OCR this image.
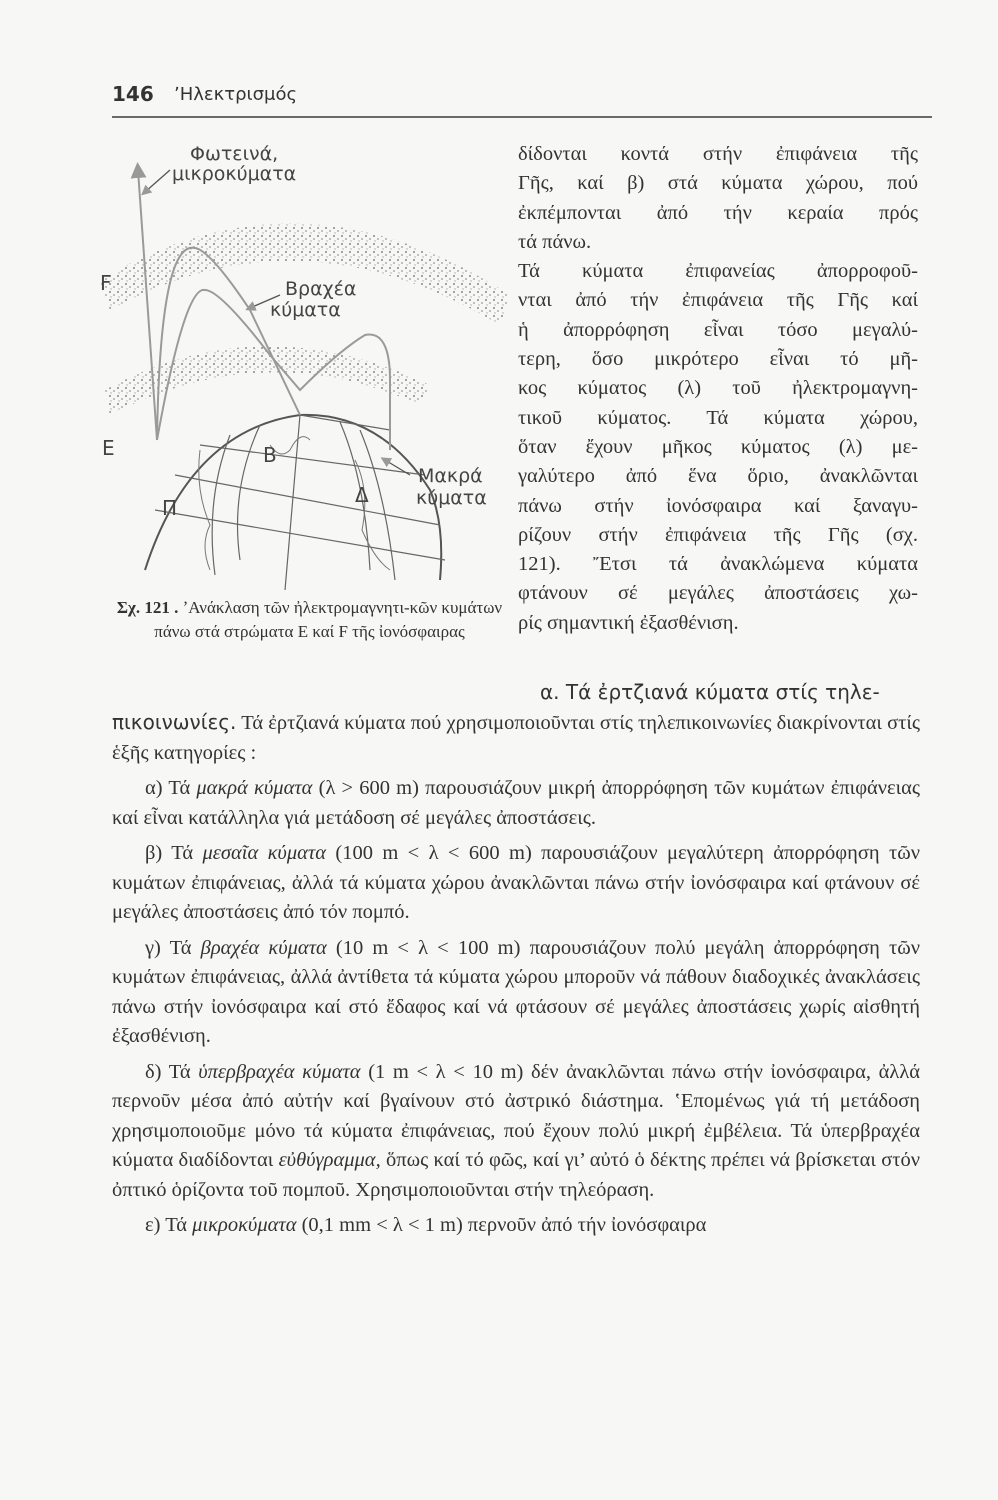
146 ʼΗλεκτρισμός
Φωτεινά,
μικροκύματα
Βραχέα
κύματα
Μακρά
κύματα
F
E
Π
B
Δ
Σχ. 121 . ʼΑνάκλαση τῶν ἠλεκτρομαγνητι-κῶν κυμάτων πάνω στά στρώματα E καί F τῆς ἰονόσφαιρας

δίδονται κοντά στήν ἐπιφάνεια τῆς

Γῆς, καί β) στά κύματα χώρου, πού

ἐκπέμπονται ἀπό τήν κεραία πρός

τά πάνω.

Τά κύματα ἐπιφανείας ἀπορροφοῦ-

νται ἀπό τήν ἐπιφάνεια τῆς Γῆς καί

ἡ ἀπορρόφηση εἶναι τόσο μεγαλύ-

τερη, ὅσο μικρότερο εἶναι τό μῆ-

κος κύματος (λ) τοῦ ἠλεκτρομαγνη-

τικοῦ κύματος. Τά κύματα χώρου,

ὅταν ἔχουν μῆκος κύματος (λ) με-

γαλύτερο ἀπό ἕνα ὅριο, ἀνακλῶνται

πάνω στήν ἰονόσφαιρα καί ξαναγυ-

ρίζουν στήν ἐπιφάνεια τῆς Γῆς (σχ.

121). Ἔτσι τά ἀνακλώμενα κύματα

φτάνουν σέ μεγάλες ἀποστάσεις χω-

ρίς σημαντική ἐξασθένιση.

α. Τά ἐρτζιανά κύματα στίς τηλε-

πικοινωνίες. Τά ἐρτζιανά κύματα πού χρησιμοποιοῦνται στίς τηλεπικοινωνίες διακρίνονται στίς ἑξῆς κατηγορίες :

α) Τά μακρά κύματα (λ > 600 m) παρουσιάζουν μικρή ἀπορρόφηση τῶν κυμάτων ἐπιφάνειας καί εἶναι κατάλληλα γιά μετάδοση σέ μεγάλες ἀποστάσεις.

β) Τά μεσαῖα κύματα (100 m < λ < 600 m) παρουσιάζουν μεγαλύτερη ἀπορρόφηση τῶν κυμάτων ἐπιφάνειας, ἀλλά τά κύματα χώρου ἀνακλῶνται πάνω στήν ἰονόσφαιρα καί φτάνουν σέ μεγάλες ἀποστάσεις ἀπό τόν πομπό.

γ) Τά βραχέα κύματα (10 m < λ < 100 m) παρουσιάζουν πολύ μεγάλη ἀπορρόφηση τῶν κυμάτων ἐπιφάνειας, ἀλλά ἀντίθετα τά κύματα χώρου μποροῦν νά πάθουν διαδοχικές ἀνακλάσεις πάνω στήν ἰονόσφαιρα καί στό ἔδαφος καί νά φτάσουν σέ μεγάλες ἀποστάσεις χωρίς αἰσθητή ἐξασθένιση.

δ) Τά ὑπερβραχέα κύματα (1 m < λ < 10 m) δέν ἀνακλῶνται πάνω στήν ἰονόσφαιρα, ἀλλά περνοῦν μέσα ἀπό αὐτήν καί βγαίνουν στό ἀστρικό διάστημα. ʽΕπομένως γιά τή μετάδοση χρησιμοποιοῦμε μόνο τά κύματα ἐπιφάνειας, πού ἔχουν πολύ μικρή ἐμβέλεια. Τά ὑπερβραχέα κύματα διαδίδονται εὐθύγραμμα, ὅπως καί τό φῶς, καί γι’ αὐτό ὁ δέκτης πρέπει νά βρίσκεται στόν ὀπτικό ὁρίζοντα τοῦ πομποῦ. Χρησιμοποιοῦνται στήν τηλεόραση.

ε) Τά μικροκύματα (0,1 mm < λ < 1 m) περνοῦν ἀπό τήν ἰονόσφαιρα
